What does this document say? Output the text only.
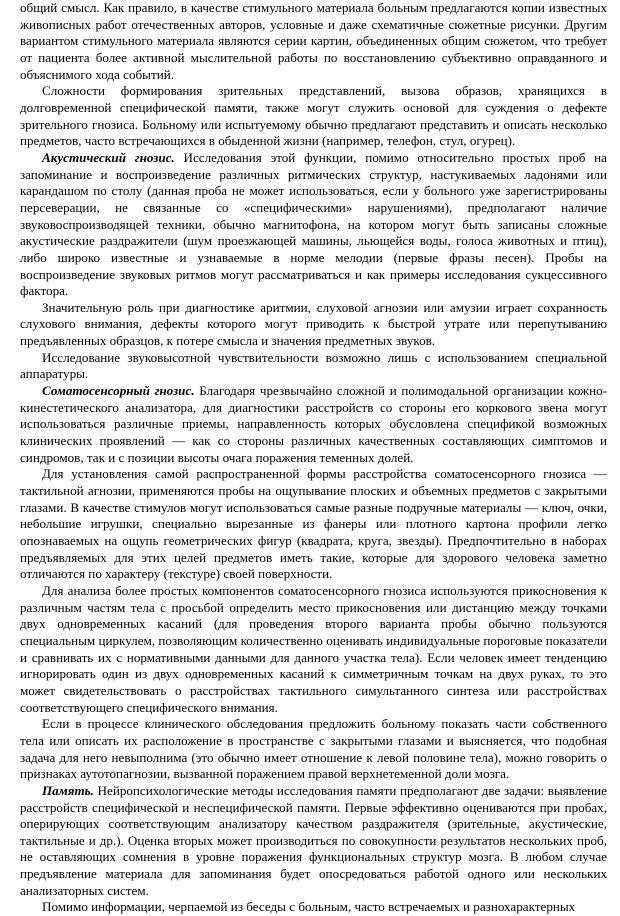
общий смысл. Как правило, в качестве стимульного материала больным предлагаются копии известных живописных работ отечественных авторов, условные и даже схематичные сюжетные рисунки. Другим вариантом стимульного материала являются серии картин, объединенных общим сюжетом, что требует от пациента более активной мыслительной работы по восстановлению субъективно оправданного и объяснимого хода событий.

Сложности формирования зрительных представлений, вызова образов, хранящихся в долговременной специфической памяти, также могут служить основой для суждения о дефекте зрительного гнозиса. Больному или испытуемому обычно предлагают представить и описать несколько предметов, часто встречающихся в обыденной жизни (например, телефон, стул, огурец).

Акустический гнозис. Исследования этой функции, помимо относительно простых проб на запоминание и воспроизведение различных ритмических структур, настукиваемых ладонями или карандашом по столу (данная проба не может использоваться, если у больного уже зарегистрированы персеверации, не связанные со «специфическими» нарушениями), предполагают наличие звуковоспроизводящей техники, обычно магнитофона, на котором могут быть записаны сложные акустические раздражители (шум проезжающей машины, льющейся воды, голоса животных и птиц), либо широко известные и узнаваемые в норме мелодии (первые фразы песен). Пробы на воспроизведение звуковых ритмов могут рассматриваться и как примеры исследования сукцессивного фактора.

Значительную роль при диагностике аритмии, слуховой агнозии или амузии играет сохранность слухового внимания, дефекты которого могут приводить к быстрой утрате или перепутыванию предъявленных образцов, к потере смысла и значения предметных звуков.

Исследование звуковысотной чувствительности возможно лишь с использованием специальной аппаратуры.

Соматосенсорный гнозис. Благодаря чрезвычайно сложной и полимодальной организации кожно-кинестетического анализатора, для диагностики расстройств со стороны его коркового звена могут использоваться различные приемы, направленность которых обусловлена спецификой возможных клинических проявлений — как со стороны различных качественных составляющих симптомов и синдромов, так и с позиции высоты очага поражения теменных долей.

Для установления самой распространенной формы расстройства соматосенсорного гнозиса — тактильной агнозии, применяются пробы на ощупывание плоских и объемных предметов с закрытыми глазами. В качестве стимулов могут использоваться самые разные подручные материалы — ключ, очки, небольшие игрушки, специально вырезанные из фанеры или плотного картона профили легко опознаваемых на ощупь геометрических фигур (квадрата, круга, звезды). Предпочтительно в наборах предъявляемых для этих целей предметов иметь такие, которые для здорового человека заметно отличаются по характеру (текстуре) своей поверхности.

Для анализа более простых компонентов соматосенсорного гнозиса используются прикосновения к различным частям тела с просьбой определить место прикосновения или дистанцию между точками двух одновременных касаний (для проведения второго варианта пробы обычно пользуются специальным циркулем, позволяющим количественно оценивать индивидуальные пороговые показатели и сравнивать их с нормативными данными для данного участка тела). Если человек имеет тенденцию игнорировать один из двух одновременных касаний к симметричным точкам на двух руках, то это может свидетельствовать о расстройствах тактильного симультанного синтеза или расстройствах соответствующего специфического внимания.

Если в процессе клинического обследования предложить больному показать части собственного тела или описать их расположение в пространстве с закрытыми глазами и выясняется, что подобная задача для него невыполнима (это обычно имеет отношение к левой половине тела), можно говорить о признаках аутотопагнозии, вызванной поражением правой верхнетеменной доли мозга.

Память. Нейропсихологические методы исследования памяти предполагают две задачи: выявление расстройств специфической и неспецифической памяти. Первые эффективно оцениваются при пробах, оперирующих соответствующим анализатору качеством раздражителя (зрительные, акустические, тактильные и др.). Оценка вторых может производиться по совокупности результатов нескольких проб, не оставляющих сомнения в уровне поражения функциональных структур мозга. В любом случае предъявление материала для запоминания будет опосредоваться работой одного или нескольких анализаторных систем.

Помимо информации, черпаемой из беседы с больным, часто встречаемых и разнохарактерных
